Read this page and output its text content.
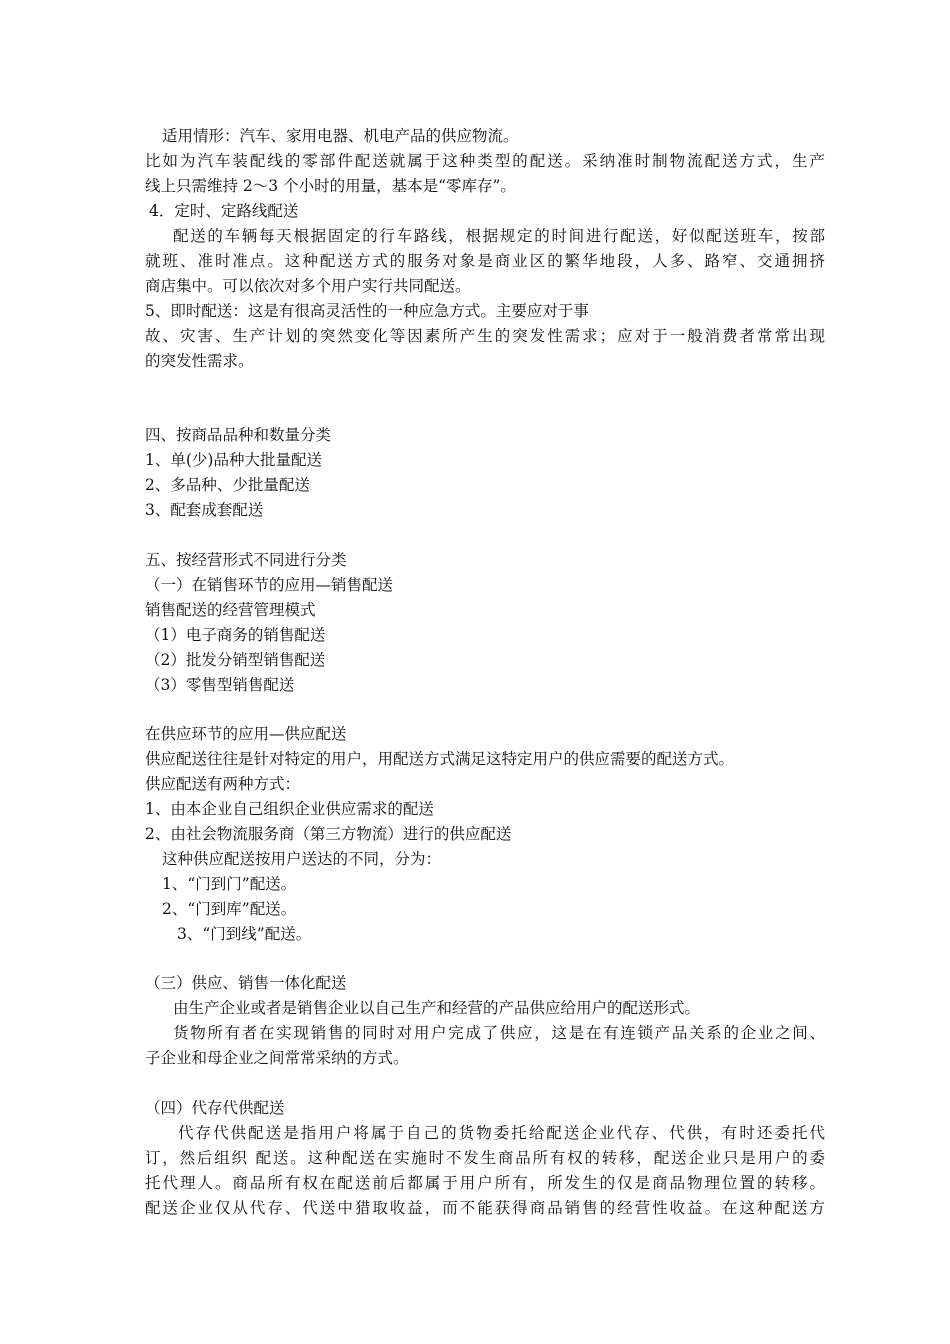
适用情形：汽车、家用电器、机电产品的供应物流。
比如为汽车装配线的零部件配送就属于这种类型的配送。采纳准时制物流配送方式，生产
线上只需维持 2～3 个小时的用量，基本是“零库存”。
4．定时、定路线配送
配送的车辆每天根据固定的行车路线，根据规定的时间进行配送，好似配送班车，按部
就班、准时准点。这种配送方式的服务对象是商业区的繁华地段，人多、路窄、交通拥挤
商店集中。可以依次对多个用户实行共同配送。
5、即时配送：这是有很高灵活性的一种应急方式。主要应对于事
故、灾害、生产计划的突然变化等因素所产生的突发性需求；应对于一般消费者常常出现
的突发性需求。
四、按商品品种和数量分类
1、单(少)品种大批量配送
2、多品种、少批量配送
3、配套成套配送
五、按经营形式不同进行分类
（一）在销售环节的应用—销售配送
销售配送的经营管理模式
（1）电子商务的销售配送
（2）批发分销型销售配送
（3）零售型销售配送
在供应环节的应用—供应配送
供应配送往往是针对特定的用户，用配送方式满足这特定用户的供应需要的配送方式。
供应配送有两种方式：
1、由本企业自己组织企业供应需求的配送
2、由社会物流服务商（第三方物流）进行的供应配送
这种供应配送按用户送达的不同，分为：
1、“门到门”配送。
2、“门到库”配送。
3、“门到线”配送。
（三）供应、销售一体化配送
由生产企业或者是销售企业以自己生产和经营的产品供应给用户的配送形式。
货物所有者在实现销售的同时对用户完成了供应，这是在有连锁产品关系的企业之间、
子企业和母企业之间常常采纳的方式。
（四）代存代供配送
代存代供配送是指用户将属于自己的货物委托给配送企业代存、代供，有时还委托代
订，然后组织 配送。这种配送在实施时不发生商品所有权的转移，配送企业只是用户的委
托代理人。商品所有权在配送前后都属于用户所有，所发生的仅是商品物理位置的转移。
配送企业仅从代存、代送中猎取收益，而不能获得商品销售的经营性收益。在这种配送方
